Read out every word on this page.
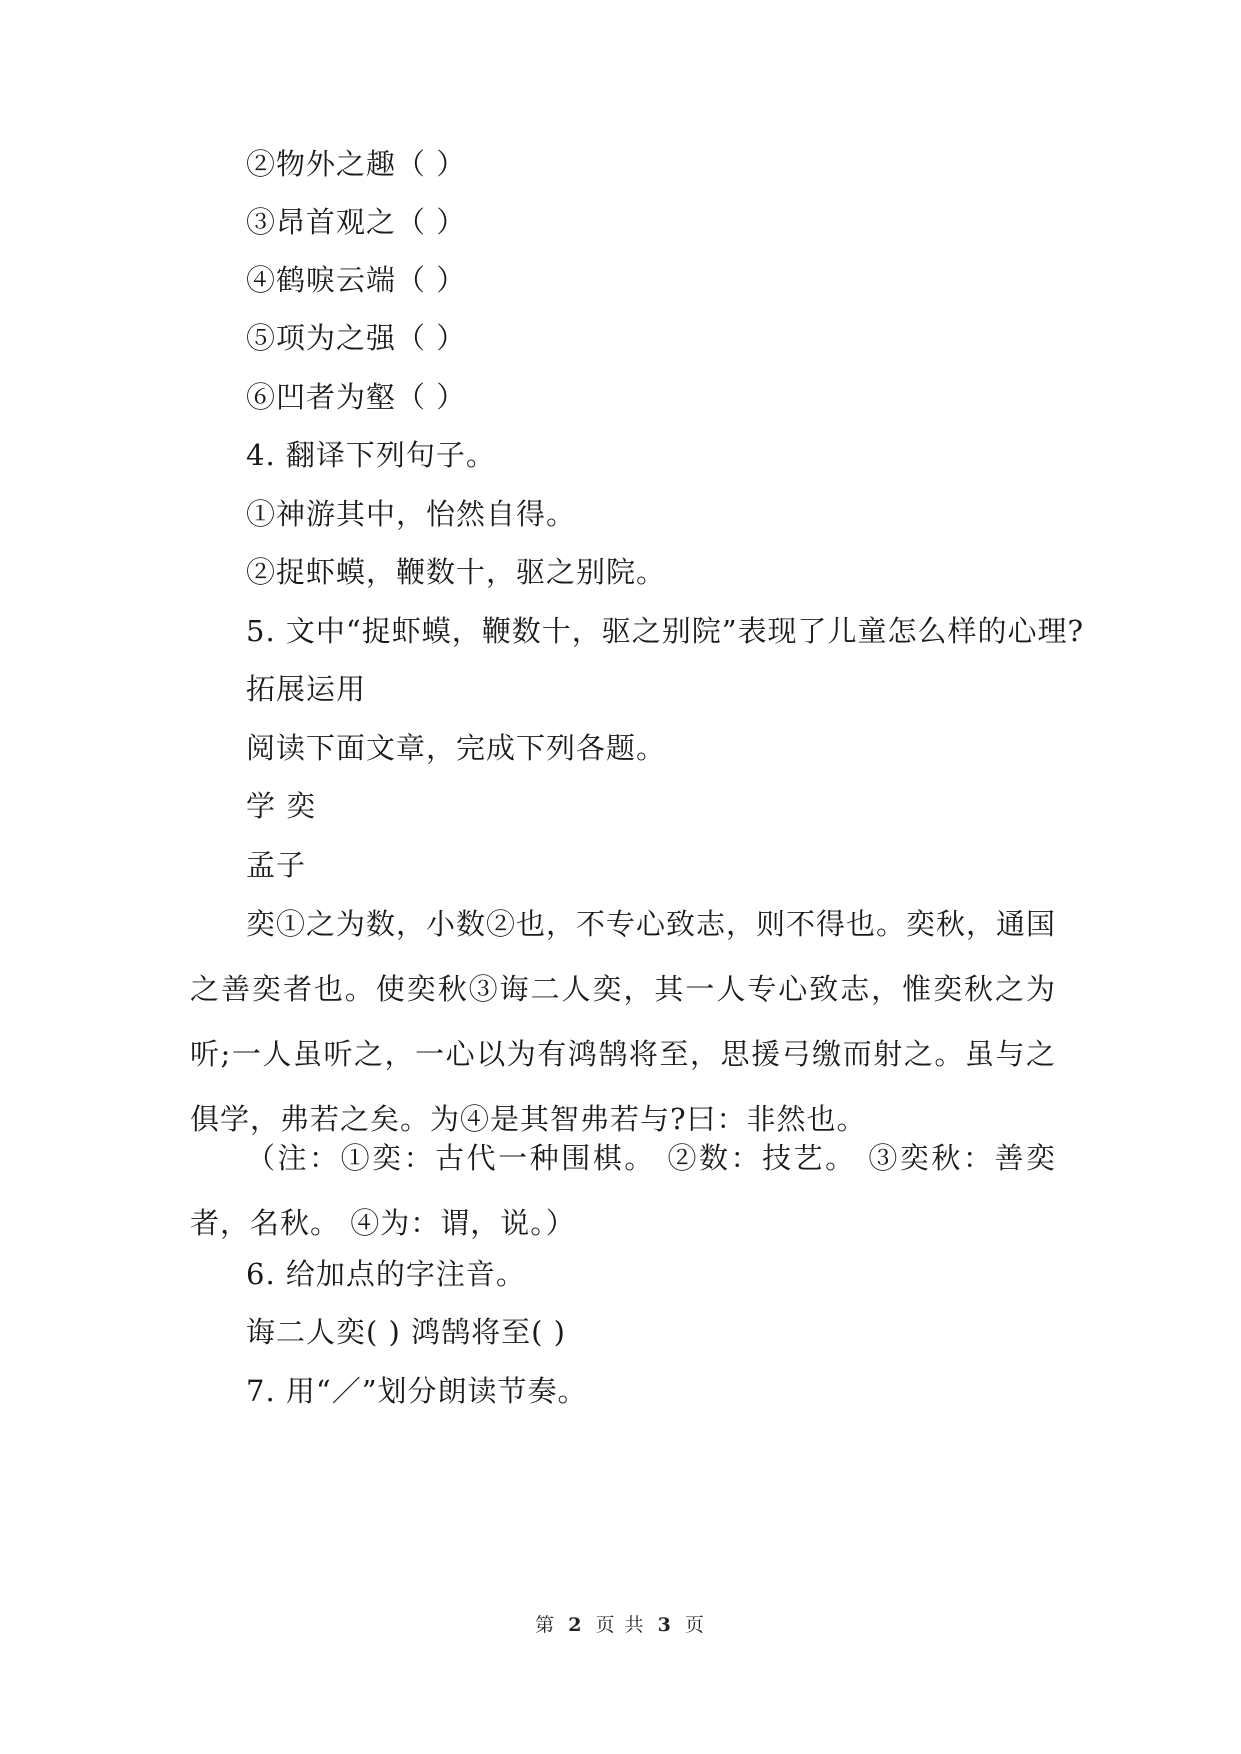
②物外之趣（ ）
③昂首观之（ ）
④鹤唳云端（ ）
⑤项为之强（ ）
⑥凹者为壑（ ）
4. 翻译下列句子。
①神游其中，怡然自得。
②捉虾蟆，鞭数十，驱之别院。
5. 文中“捉虾蟆，鞭数十，驱之别院”表现了儿童怎么样的心理?
拓展运用
阅读下面文章，完成下列各题。
学 奕
孟子
奕①之为数，小数②也，不专心致志，则不得也。奕秋，通国之善奕者也。使奕秋③诲二人奕，其一人专心致志，惟奕秋之为听;一人虽听之，一心以为有鸿鹄将至，思援弓缴而射之。虽与之俱学，弗若之矣。为④是其智弗若与?曰：非然也。
（注：①奕：古代一种围棋。 ②数：技艺。 ③奕秋：善奕者，名秋。 ④为：谓，说。）
6. 给加点的字注音。
诲二人奕( ) 鸿鹄将至( )
7. 用“／”划分朗读节奏。
第 2 页 共 3 页
